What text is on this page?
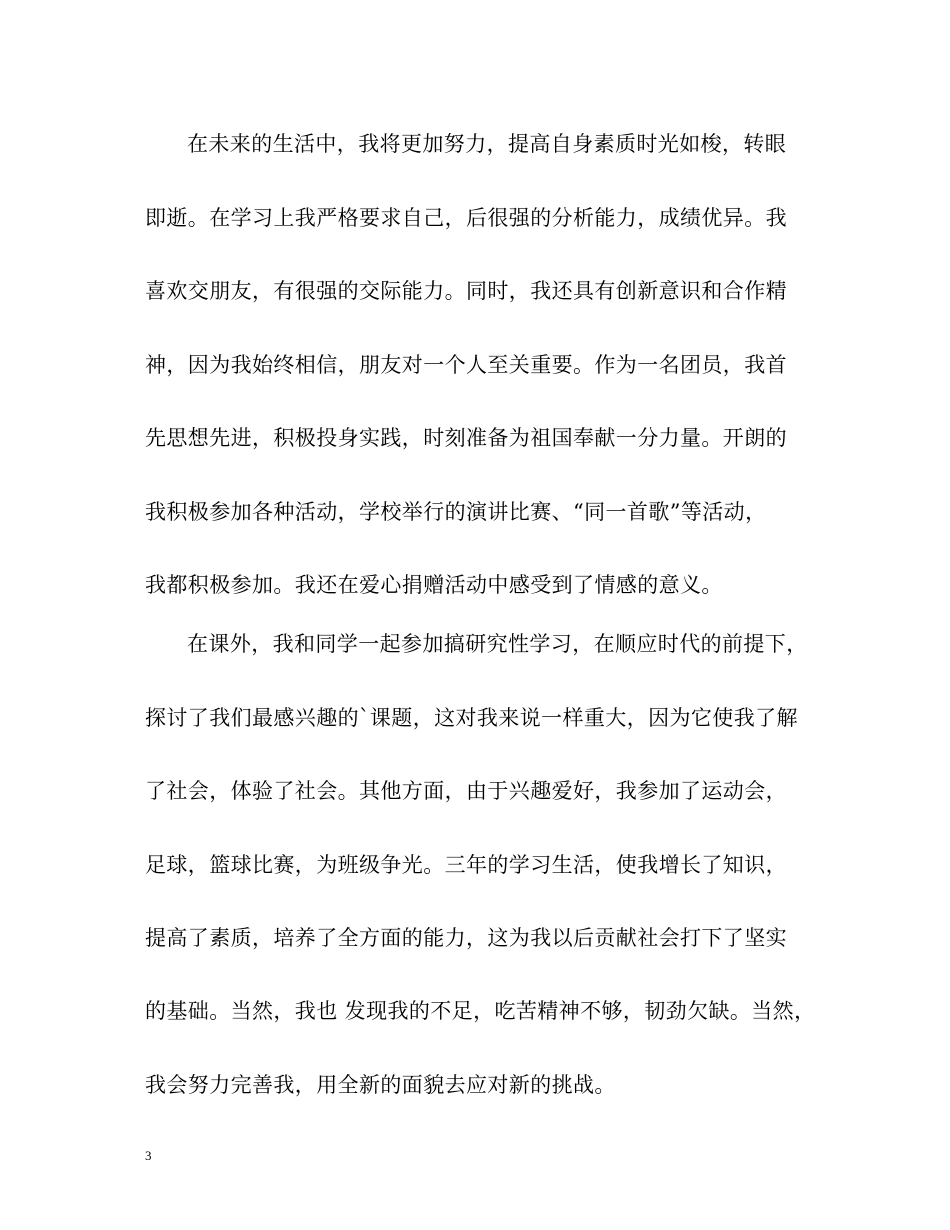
在未来的生活中，我将更加努力，提高自身素质时光如梭，转眼
即逝。在学习上我严格要求自己，后很强的分析能力，成绩优异。我
喜欢交朋友，有很强的交际能力。同时，我还具有创新意识和合作精
神，因为我始终相信，朋友对一个人至关重要。作为一名团员，我首
先思想先进，积极投身实践，时刻准备为祖国奉献一分力量。开朗的
我积极参加各种活动，学校举行的演讲比赛、“同一首歌”等活动，
我都积极参加。我还在爱心捐赠活动中感受到了情感的意义。
在课外，我和同学一起参加搞研究性学习，在顺应时代的前提下，
探讨了我们最感兴趣的`课题，这对我来说一样重大，因为它使我了解
了社会，体验了社会。其他方面，由于兴趣爱好，我参加了运动会，
足球，篮球比赛，为班级争光。三年的学习生活，使我增长了知识，
提高了素质，培养了全方面的能力，这为我以后贡献社会打下了坚实
的基础。当然，我也 发现我的不足，吃苦精神不够，韧劲欠缺。当然，
我会努力完善我，用全新的面貌去应对新的挑战。
3
